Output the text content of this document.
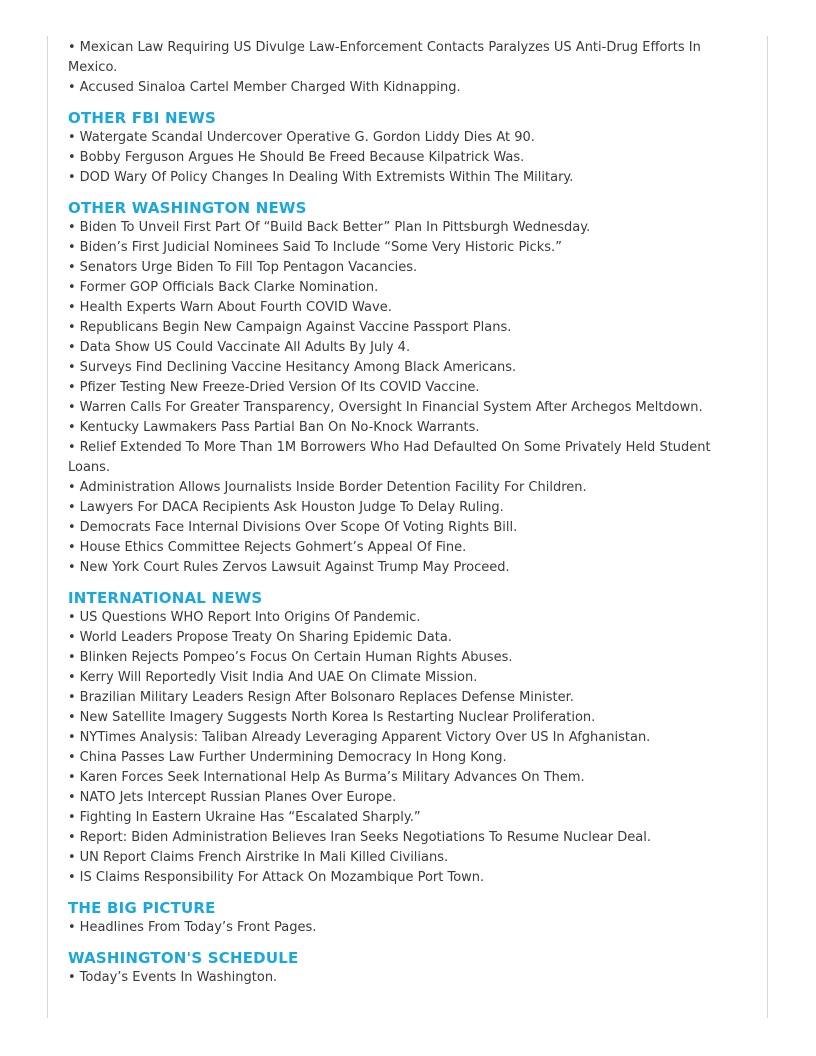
• Mexican Law Requiring US Divulge Law-Enforcement Contacts Paralyzes US Anti-Drug Efforts In Mexico.
• Accused Sinaloa Cartel Member Charged With Kidnapping.
OTHER FBI NEWS
• Watergate Scandal Undercover Operative G. Gordon Liddy Dies At 90.
• Bobby Ferguson Argues He Should Be Freed Because Kilpatrick Was.
• DOD Wary Of Policy Changes In Dealing With Extremists Within The Military.
OTHER WASHINGTON NEWS
• Biden To Unveil First Part Of “Build Back Better” Plan In Pittsburgh Wednesday.
• Biden’s First Judicial Nominees Said To Include “Some Very Historic Picks.”
• Senators Urge Biden To Fill Top Pentagon Vacancies.
• Former GOP Officials Back Clarke Nomination.
• Health Experts Warn About Fourth COVID Wave.
• Republicans Begin New Campaign Against Vaccine Passport Plans.
• Data Show US Could Vaccinate All Adults By July 4.
• Surveys Find Declining Vaccine Hesitancy Among Black Americans.
• Pfizer Testing New Freeze-Dried Version Of Its COVID Vaccine.
• Warren Calls For Greater Transparency, Oversight In Financial System After Archegos Meltdown.
• Kentucky Lawmakers Pass Partial Ban On No-Knock Warrants.
• Relief Extended To More Than 1M Borrowers Who Had Defaulted On Some Privately Held Student Loans.
• Administration Allows Journalists Inside Border Detention Facility For Children.
• Lawyers For DACA Recipients Ask Houston Judge To Delay Ruling.
• Democrats Face Internal Divisions Over Scope Of Voting Rights Bill.
• House Ethics Committee Rejects Gohmert’s Appeal Of Fine.
• New York Court Rules Zervos Lawsuit Against Trump May Proceed.
INTERNATIONAL NEWS
• US Questions WHO Report Into Origins Of Pandemic.
• World Leaders Propose Treaty On Sharing Epidemic Data.
• Blinken Rejects Pompeo’s Focus On Certain Human Rights Abuses.
• Kerry Will Reportedly Visit India And UAE On Climate Mission.
• Brazilian Military Leaders Resign After Bolsonaro Replaces Defense Minister.
• New Satellite Imagery Suggests North Korea Is Restarting Nuclear Proliferation.
• NYTimes Analysis: Taliban Already Leveraging Apparent Victory Over US In Afghanistan.
• China Passes Law Further Undermining Democracy In Hong Kong.
• Karen Forces Seek International Help As Burma’s Military Advances On Them.
• NATO Jets Intercept Russian Planes Over Europe.
• Fighting In Eastern Ukraine Has “Escalated Sharply.”
• Report: Biden Administration Believes Iran Seeks Negotiations To Resume Nuclear Deal.
• UN Report Claims French Airstrike In Mali Killed Civilians.
• IS Claims Responsibility For Attack On Mozambique Port Town.
THE BIG PICTURE
• Headlines From Today’s Front Pages.
WASHINGTON'S SCHEDULE
• Today’s Events In Washington.
